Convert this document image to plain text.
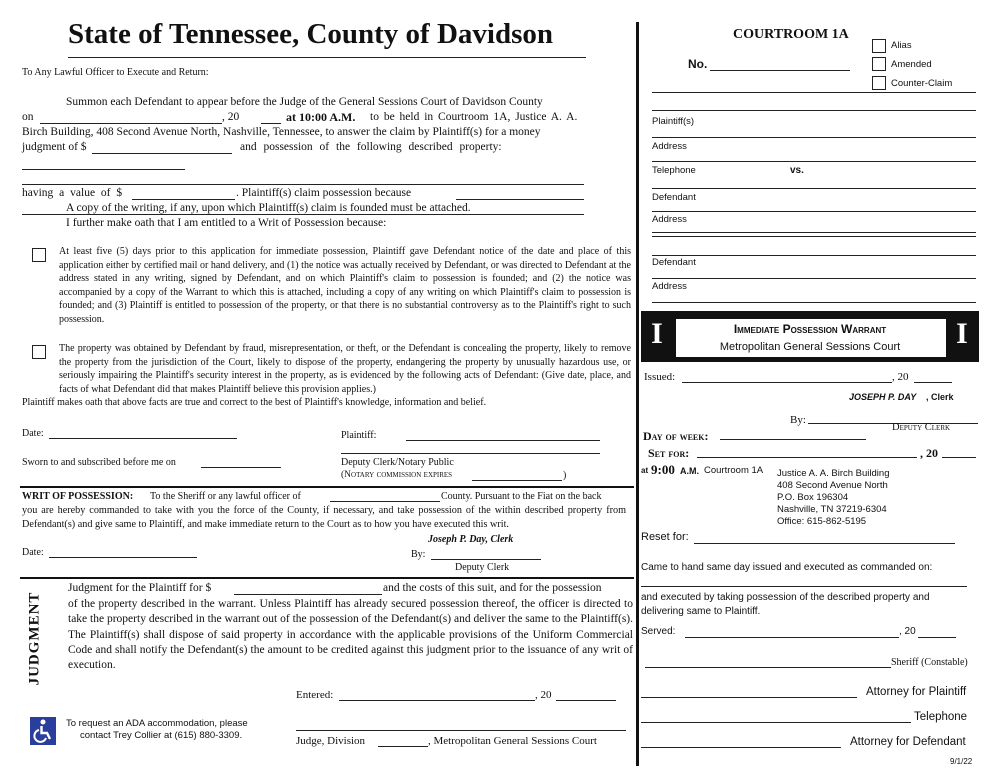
State of Tennessee, County of Davidson
To Any Lawful Officer to Execute and Return:
Summon each Defendant to appear before the Judge of the General Sessions Court of Davidson County
on	, 20	at 10:00 A.M. to be held in Courtroom 1A, Justice A. A.
Birch Building, 408 Second Avenue North, Nashville, Tennessee, to answer the claim by Plaintiff(s) for a money
judgment of $	and possession of the following described property:
having a value of $	. Plaintiff(s) claim possession because
A copy of the writing, if any, upon which Plaintiff(s) claim is founded must be attached.
I further make oath that I am entitled to a Writ of Possession because:
At least five (5) days prior to this application for immediate possession, Plaintiff gave Defendant notice of the date and place of this application either by certified mail or hand delivery, and (1) the notice was actually received by Defendant, or was directed to Defendant at the address stated in any writing, signed by Defendant, and on which Plaintiff's claim to possession is founded; and (2) the notice was accompanied by a copy of the Warrant to which this is attached, including a copy of any writing on which Plaintiff's claim to possession is founded; and (3) Plaintiff is entitled to possession of the property, or that there is no substantial controversy as to the Plaintiff's right to such possession.
The property was obtained by Defendant by fraud, misrepresentation, or theft, or the Defendant is concealing the property, likely to remove the property from the jurisdiction of the Court, likely to dispose of the property, endangering the property by unusually hazardous use, or seriously impairing the Plaintiff's security interest in the property, as is evidenced by the following acts of Defendant: (Give date, place, and facts of what Defendant did that makes Plaintiff believe this provision applies.)
Plaintiff makes oath that above facts are true and correct to the best of Plaintiff's knowledge, information and belief.
Date:	Plaintiff:
Sworn to and subscribed before me on	Deputy Clerk/Notary Public
(Notary commission expires	)
WRIT OF POSSESSION: To the Sheriff or any lawful officer of	County. Pursuant to the Fiat on the back
you are hereby commanded to take with you the force of the County, if necessary, and take possession of the within described property from Defendant(s) and give same to Plaintiff, and make immediate return to the Court as to how you have executed this writ.
Joseph P. Day, Clerk
Date:	By:
Deputy Clerk
JUDGMENT
Judgment for the Plaintiff for $	and the costs of this suit, and for the possession
of the property described in the warrant. Unless Plaintiff has already secured possession thereof, the officer is directed to take the property described in the warrant out of the possession of the Defendant(s) and deliver the same to the Plaintiff(s). The Plaintiff(s) shall dispose of said property in accordance with the applicable provisions of the Uniform Commercial Code and shall notify the Defendant(s) the amount to be credited against this judgment prior to the issuance of any writ of execution.
Entered:	, 20
Judge, Division	, Metropolitan General Sessions Court
To request an ADA accommodation, please
contact Trey Collier at (615) 880-3309.
COURTROOM 1A
No.
Alias
Amended
Counter-Claim
Plaintiff(s)
Address
Telephone	vs.
Defendant
Address
Defendant
Address
I	I
Immediate Possession Warrant
Metropolitan General Sessions Court
Issued:	, 20
JOSEPH P. DAY , Clerk
By:
Deputy Clerk
Day of week:
Set for:	, 20
at 9:00 A.M. Courtroom 1A Justice A. A. Birch Building
408 Second Avenue North
P.O. Box 196304
Nashville, TN 37219-6304
Office: 615-862-5195
Reset for:
Came to hand same day issued and executed as commanded on:
and executed by taking possession of the described property and delivering same to Plaintiff.
Served:	, 20
Sheriff (Constable)
Attorney for Plaintiff
Telephone
Attorney for Defendant
9/1/22
